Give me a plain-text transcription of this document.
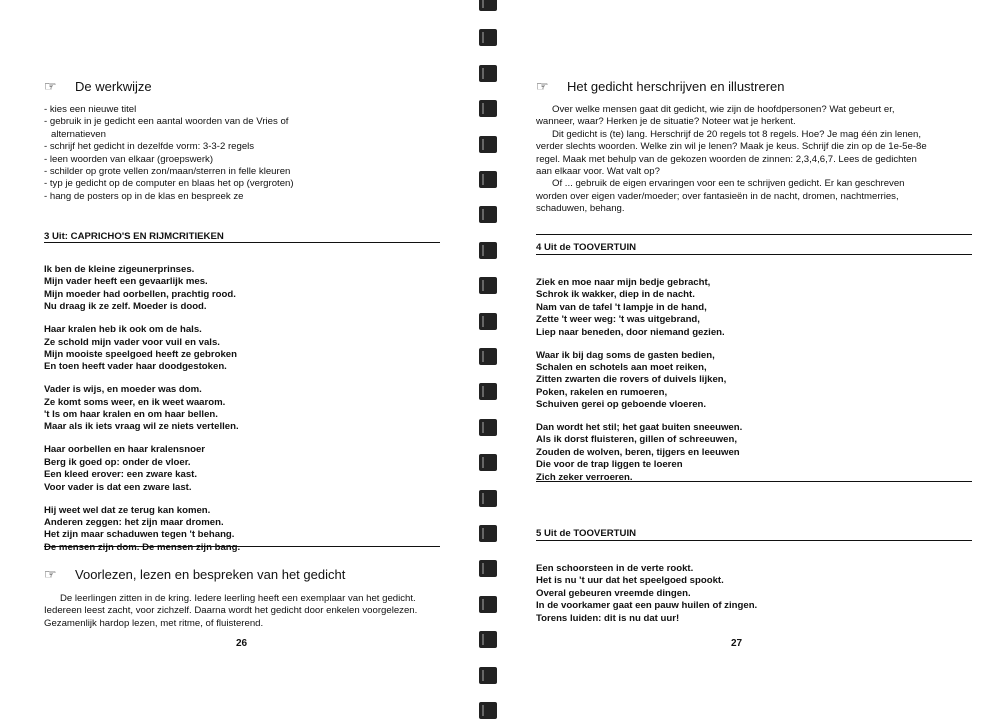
☞ De werkwijze
- kies een nieuwe titel
- gebruik in je gedicht een aantal woorden van de Vries of
alternatieven
- schrijf het gedicht in dezelfde vorm: 3-3-2 regels
- leen woorden van elkaar (groepswerk)
- schilder op grote vellen zon/maan/sterren in felle kleuren
- typ je gedicht op de computer en blaas het op (vergroten)
- hang de posters op in de klas en bespreek ze
3 Uit: CAPRICHO'S EN RIJMCRITIEKEN
Ik ben de kleine zigeunerprinses.
Mijn vader heeft een gevaarlijk mes.
Mijn moeder had oorbellen, prachtig rood.
Nu draag ik ze zelf. Moeder is dood.
Haar kralen heb ik ook om de hals.
Ze schold mijn vader voor vuil en vals.
Mijn mooiste speelgoed heeft ze gebroken
En toen heeft vader haar doodgestoken.
Vader is wijs, en moeder was dom.
Ze komt soms weer, en ik weet waarom.
't Is om haar kralen en om haar bellen.
Maar als ik iets vraag wil ze niets vertellen.
Haar oorbellen en haar kralensnoer
Berg ik goed op: onder de vloer.
Een kleed erover: een zware kast.
Voor vader is dat een zware last.
Hij weet wel dat ze terug kan komen.
Anderen zeggen: het zijn maar dromen.
Het zijn maar schaduwen tegen 't behang.
De mensen zijn dom. De mensen zijn bang.
☞ Voorlezen, lezen en bespreken van het gedicht
De leerlingen zitten in de kring. Iedere leerling heeft een exemplaar van het gedicht.
Iedereen leest zacht, voor zichzelf. Daarna wordt het gedicht door enkelen voorgelezen.
Gezamenlijk hardop lezen, met ritme, of fluisterend.
26
☞ Het gedicht herschrijven en illustreren
Over welke mensen gaat dit gedicht, wie zijn de hoofdpersonen? Wat gebeurt er,
wanneer, waar? Herken je de situatie? Noteer wat je herkent.
Dit gedicht is (te) lang. Herschrijf de 20 regels tot 8 regels. Hoe? Je mag één zin lenen,
verder slechts woorden. Welke zin wil je lenen? Maak je keus. Schrijf die zin op de 1e-5e-8e
regel. Maak met behulp van de gekozen woorden de zinnen: 2,3,4,6,7. Lees de gedichten
aan elkaar voor. Wat valt op?
Of ... gebruik de eigen ervaringen voor een te schrijven gedicht. Er kan geschreven
worden over eigen vader/moeder; over fantasieën in de nacht, dromen, nachtmerries,
schaduwen, behang.
4 Uit de TOOVERTUIN
Ziek en moe naar mijn bedje gebracht,
Schrok ik wakker, diep in de nacht.
Nam van de tafel 't lampje in de hand,
Zette 't weer weg: 't was uitgebrand,
Liep naar beneden, door niemand gezien.
Waar ik bij dag soms de gasten bedien,
Schalen en schotels aan moet reiken,
Zitten zwarten die rovers of duivels lijken,
Poken, rakelen en rumoeren,
Schuiven gerei op geboende vloeren.
Dan wordt het stil; het gaat buiten sneeuwen.
Als ik dorst fluisteren, gillen of schreeuwen,
Zouden de wolven, beren, tijgers en leeuwen
Die voor de trap liggen te loeren
Zich zeker verroeren.
5 Uit de TOOVERTUIN
Een schoorsteen in de verte rookt.
Het is nu 't uur dat het speelgoed spookt.
Overal gebeuren vreemde dingen.
In de voorkamer gaat een pauw huilen of zingen.
Torens luiden: dit is nu dat uur!
27
